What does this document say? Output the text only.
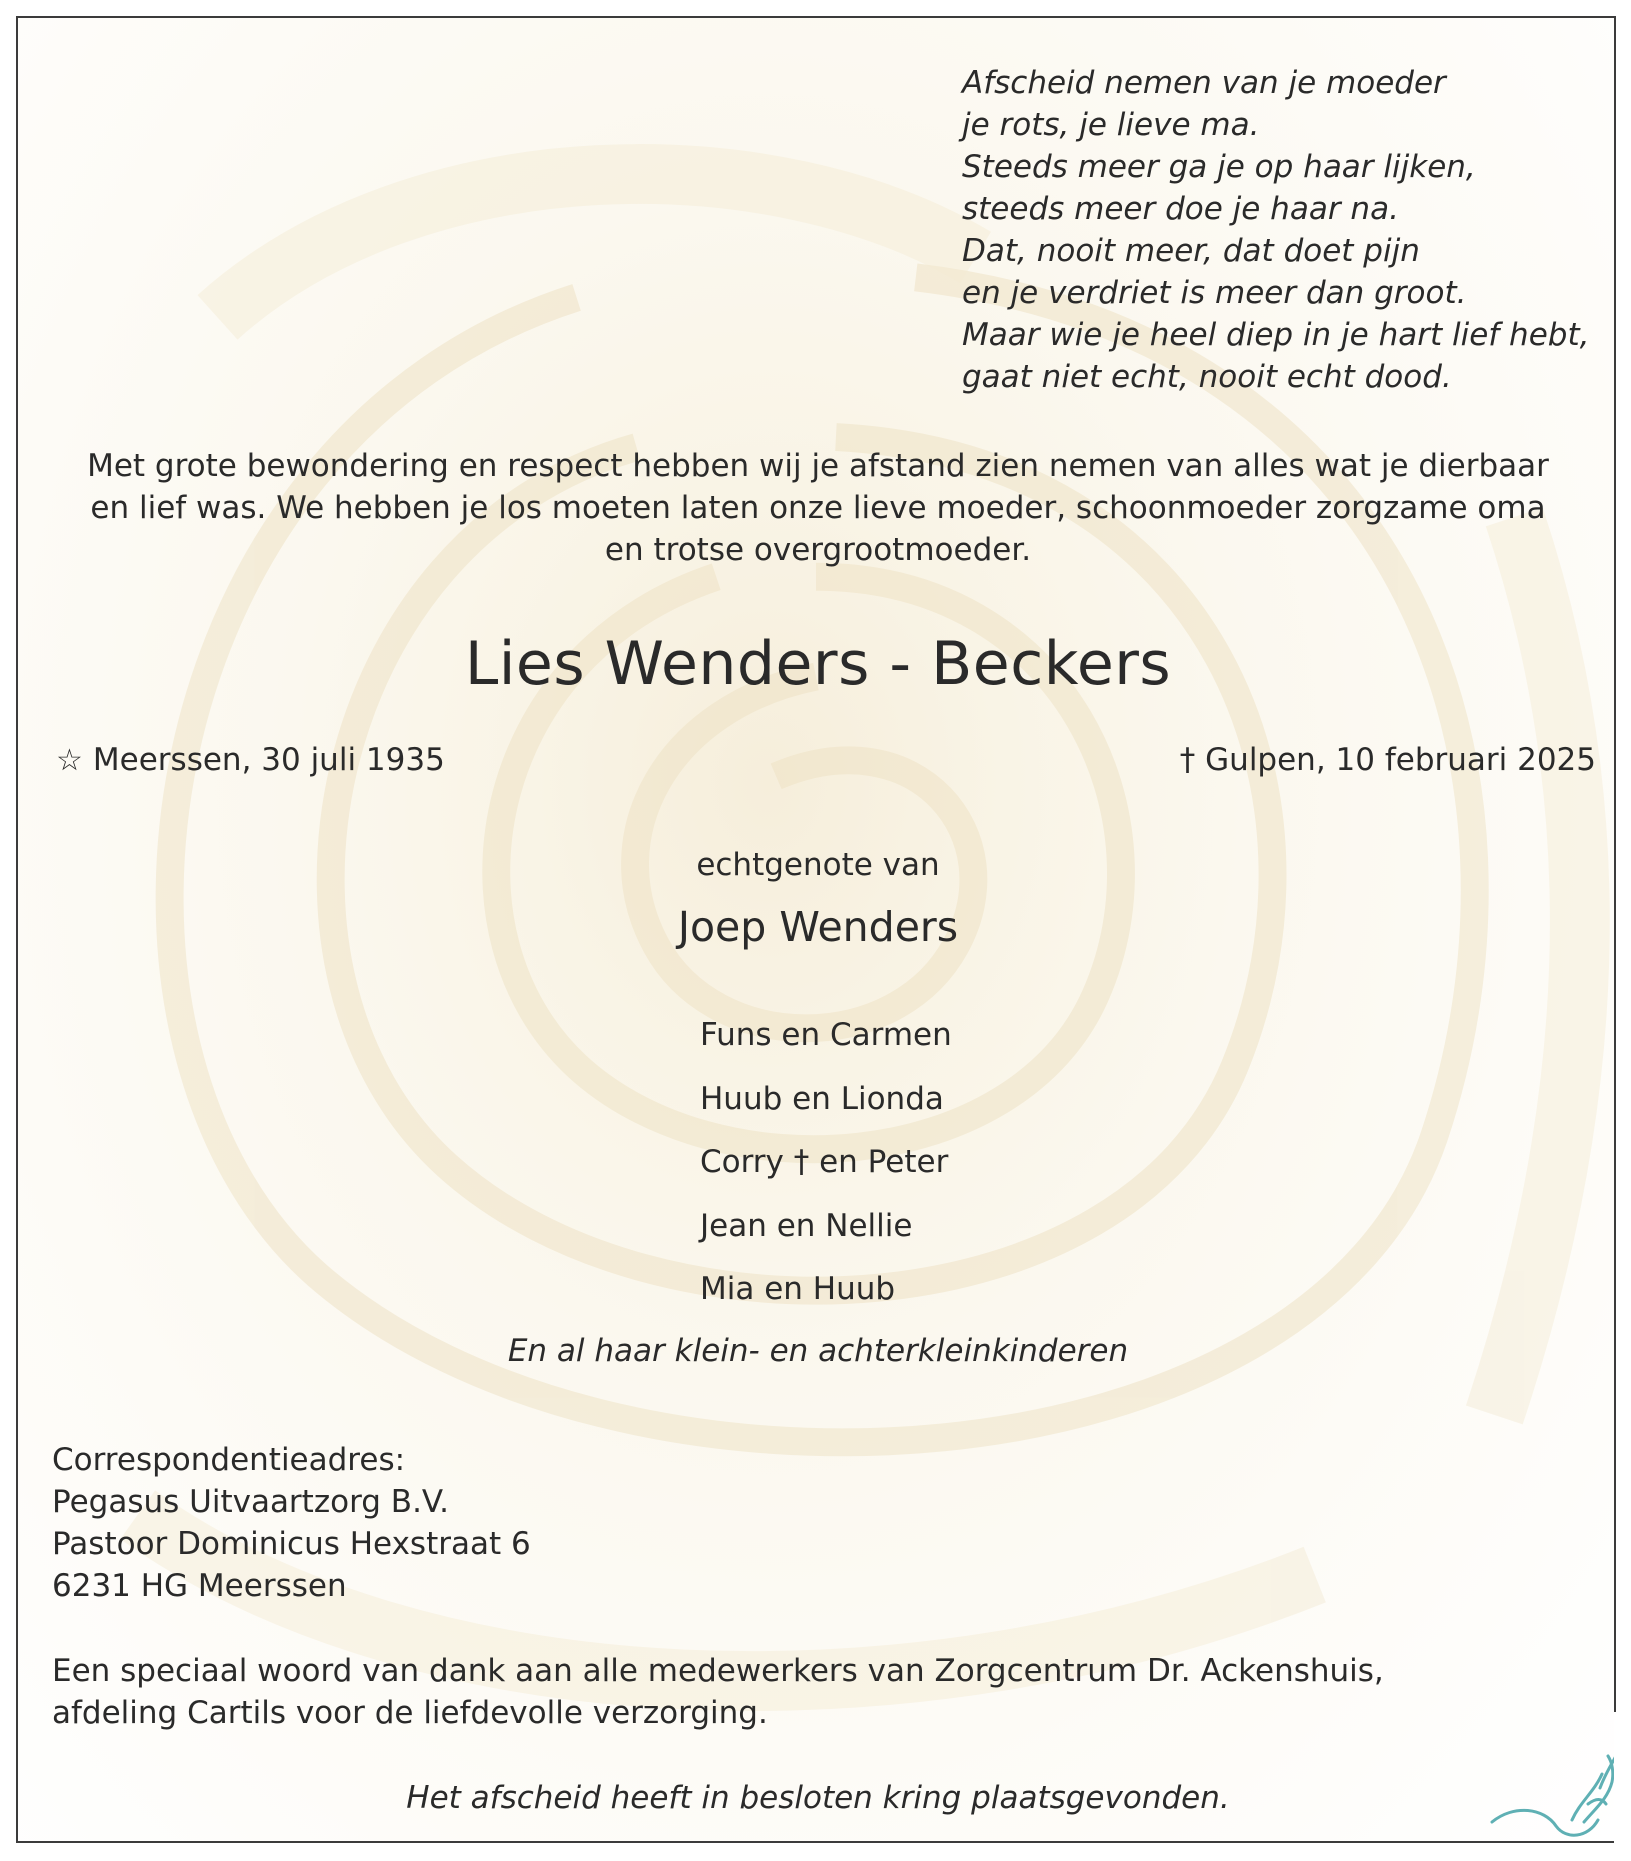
Afscheid nemen van je moeder
je rots, je lieve ma.
Steeds meer ga je op haar lijken,
steeds meer doe je haar na.
Dat, nooit meer, dat doet pijn
en je verdriet is meer dan groot.
Maar wie je heel diep in je hart lief hebt,
gaat niet echt, nooit echt dood.
Met grote bewondering en respect hebben wij je afstand zien nemen van alles wat je dierbaar
en lief was. We hebben je los moeten laten onze lieve moeder, schoonmoeder zorgzame oma
en trotse overgrootmoeder.
Lies Wenders - Beckers
☆ Meerssen, 30 juli 1935	† Gulpen, 10 februari 2025
echtgenote van
Joep Wenders
Funs en Carmen
Huub en Lionda
Corry † en Peter
Jean en Nellie
Mia en Huub
En al haar klein- en achterkleinkinderen
Correspondentieadres:
Pegasus Uitvaartzorg B.V.
Pastoor Dominicus Hexstraat 6
6231 HG Meerssen
Een speciaal woord van dank aan alle medewerkers van Zorgcentrum Dr. Ackenshuis,
afdeling Cartils voor de liefdevolle verzorging.
Het afscheid heeft in besloten kring plaatsgevonden.
